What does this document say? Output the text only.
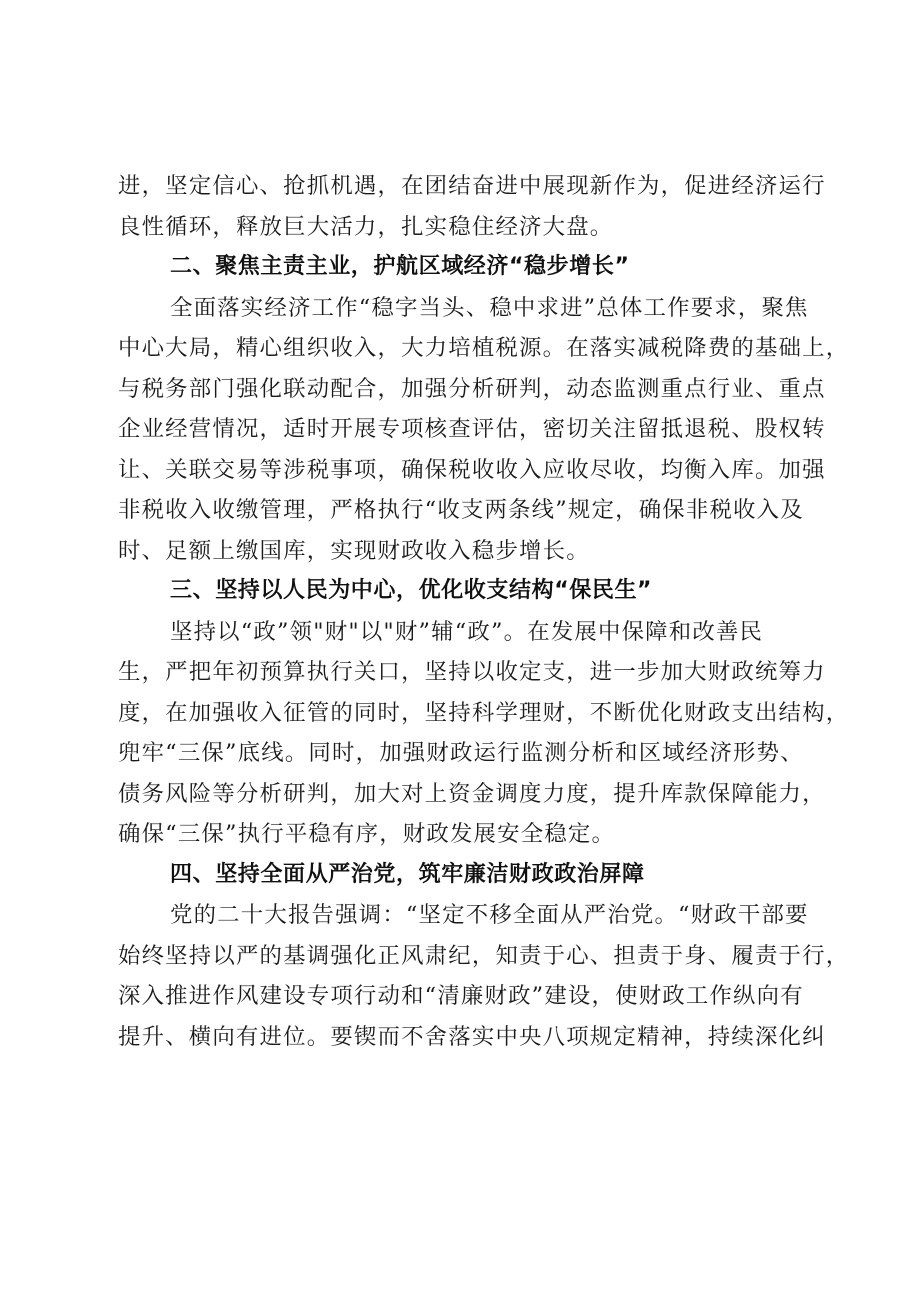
进，坚定信心、抢抓机遇，在团结奋进中展现新作为，促进经济运行
良性循环，释放巨大活力，扎实稳住经济大盘。
二、聚焦主责主业，护航区域经济“稳步增长”
全面落实经济工作“稳字当头、稳中求进”总体工作要求，聚焦
中心大局，精心组织收入，大力培植税源。在落实减税降费的基础上，
与税务部门强化联动配合，加强分析研判，动态监测重点行业、重点
企业经营情况，适时开展专项核查评估，密切关注留抵退税、股权转
让、关联交易等涉税事项，确保税收收入应收尽收，均衡入库。加强
非税收入收缴管理，严格执行“收支两条线”规定，确保非税收入及
时、足额上缴国库，实现财政收入稳步增长。
三、坚持以人民为中心，优化收支结构“保民生”
坚持以“政”领"财"以"财”辅“政”。在发展中保障和改善民
生，严把年初预算执行关口，坚持以收定支，进一步加大财政统筹力
度，在加强收入征管的同时，坚持科学理财，不断优化财政支出结构，
兜牢“三保”底线。同时，加强财政运行监测分析和区域经济形势、
债务风险等分析研判，加大对上资金调度力度，提升库款保障能力，
确保“三保”执行平稳有序，财政发展安全稳定。
四、坚持全面从严治党，筑牢廉洁财政政治屏障
党的二十大报告强调：“坚定不移全面从严治党。“财政干部要
始终坚持以严的基调强化正风肃纪，知责于心、担责于身、履责于行，
深入推进作风建设专项行动和“清廉财政”建设，使财政工作纵向有
提升、横向有进位。要锲而不舍落实中央八项规定精神，持续深化纠
